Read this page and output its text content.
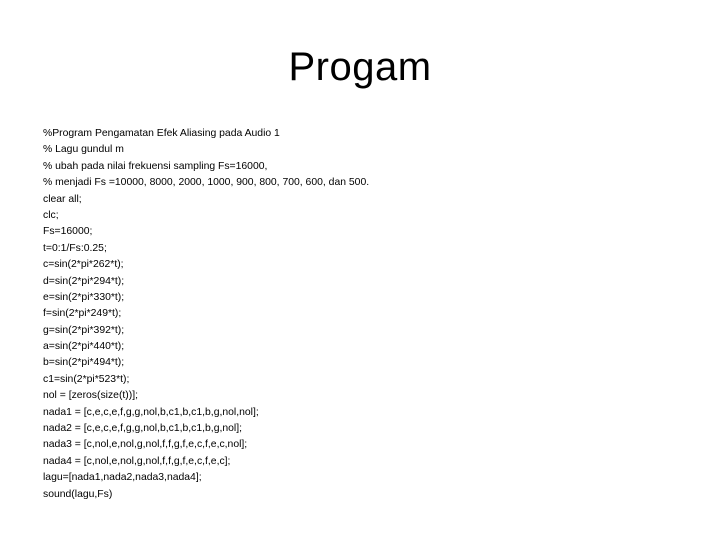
Progam
%Program Pengamatan Efek Aliasing pada Audio 1
% Lagu gundul m
% ubah pada nilai frekuensi sampling Fs=16000,
% menjadi Fs =10000, 8000, 2000, 1000, 900, 800, 700, 600, dan 500.
clear all;
clc;
Fs=16000;
t=0:1/Fs:0.25;
c=sin(2*pi*262*t);
d=sin(2*pi*294*t);
e=sin(2*pi*330*t);
f=sin(2*pi*249*t);
g=sin(2*pi*392*t);
a=sin(2*pi*440*t);
b=sin(2*pi*494*t);
c1=sin(2*pi*523*t);
nol = [zeros(size(t))];
nada1 = [c,e,c,e,f,g,g,nol,b,c1,b,c1,b,g,nol,nol];
nada2 = [c,e,c,e,f,g,g,nol,b,c1,b,c1,b,g,nol];
nada3 = [c,nol,e,nol,g,nol,f,f,g,f,e,c,f,e,c,nol];
nada4 = [c,nol,e,nol,g,nol,f,f,g,f,e,c,f,e,c];
lagu=[nada1,nada2,nada3,nada4];
sound(lagu,Fs)
